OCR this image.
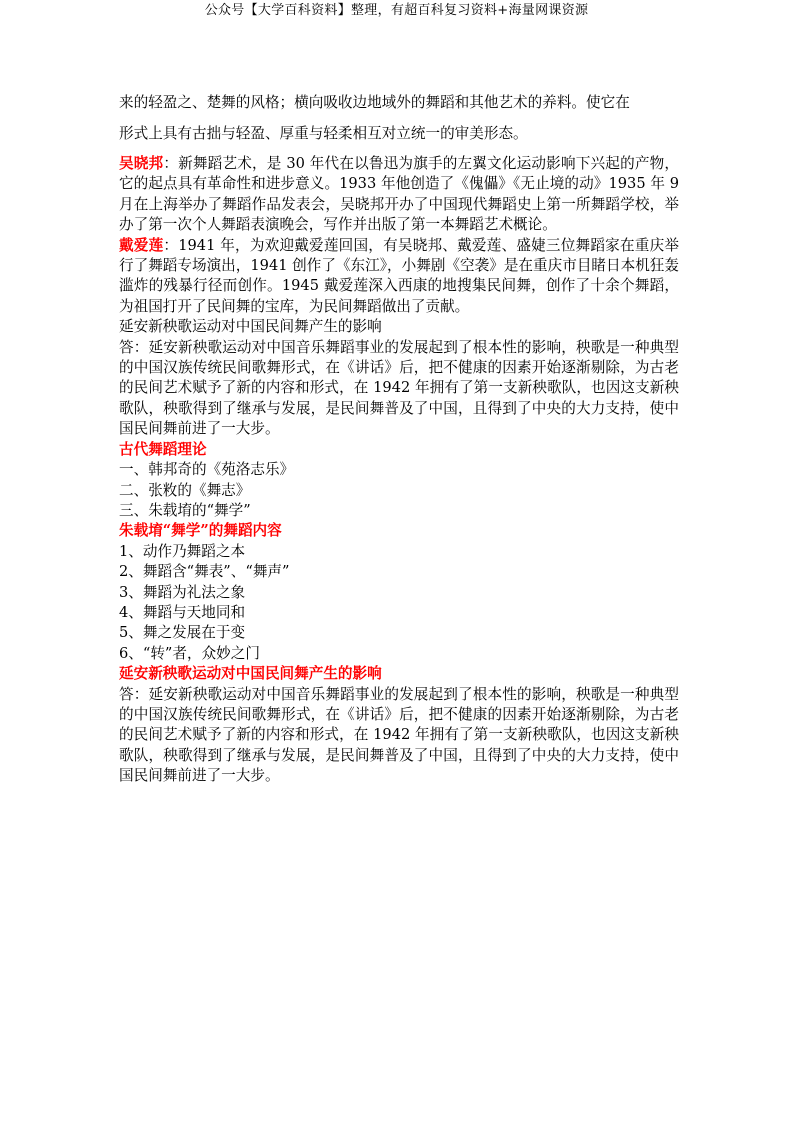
公众号【大学百科资料】整理，有超百科复习资料+海量网课资源

来的轻盈之、楚舞的风格；横向吸收边地域外的舞蹈和其他艺术的养料。使它在

形式上具有古拙与轻盈、厚重与轻柔相互对立统一的审美形态。

吴晓邦：新舞蹈艺术，是 30 年代在以鲁迅为旗手的左翼文化运动影响下兴起的产物，它的起点具有革命性和进步意义。1933 年他创造了《傀儡》《无止境的动》1935 年 9 月在上海举办了舞蹈作品发表会，吴晓邦开办了中国现代舞蹈史上第一所舞蹈学校，举办了第一次个人舞蹈表演晚会，写作并出版了第一本舞蹈艺术概论。

戴爱莲：1941 年，为欢迎戴爱莲回国，有吴晓邦、戴爱莲、盛婕三位舞蹈家在重庆举行了舞蹈专场演出，1941 创作了《东江》，小舞剧《空袭》是在重庆市目睹日本机狂轰滥炸的残暴行径而创作。1945 戴爱莲深入西康的地搜集民间舞，创作了十余个舞蹈，为祖国打开了民间舞的宝库，为民间舞蹈做出了贡献。

延安新秧歌运动对中国民间舞产生的影响

答：延安新秧歌运动对中国音乐舞蹈事业的发展起到了根本性的影响，秧歌是一种典型的中国汉族传统民间歌舞形式，在《讲话》后，把不健康的因素开始逐渐剔除，为古老的民间艺术赋予了新的内容和形式，在 1942 年拥有了第一支新秧歌队，也因这支新秧歌队，秧歌得到了继承与发展，是民间舞普及了中国，且得到了中央的大力支持，使中国民间舞前进了一大步。

古代舞蹈理论

一、韩邦奇的《苑洛志乐》

二、张敉的《舞志》

三、朱载堉的“舞学”

朱载堉“舞学”的舞蹈内容

1、动作乃舞蹈之本

2、舞蹈含“舞表”、“舞声”

3、舞蹈为礼法之象

4、舞蹈与天地同和

5、舞之发展在于变

6、“转”者，众妙之门

延安新秧歌运动对中国民间舞产生的影响

答：延安新秧歌运动对中国音乐舞蹈事业的发展起到了根本性的影响，秧歌是一种典型的中国汉族传统民间歌舞形式，在《讲话》后，把不健康的因素开始逐渐剔除，为古老的民间艺术赋予了新的内容和形式，在 1942 年拥有了第一支新秧歌队，也因这支新秧歌队，秧歌得到了继承与发展，是民间舞普及了中国，且得到了中央的大力支持，使中国民间舞前进了一大步。
